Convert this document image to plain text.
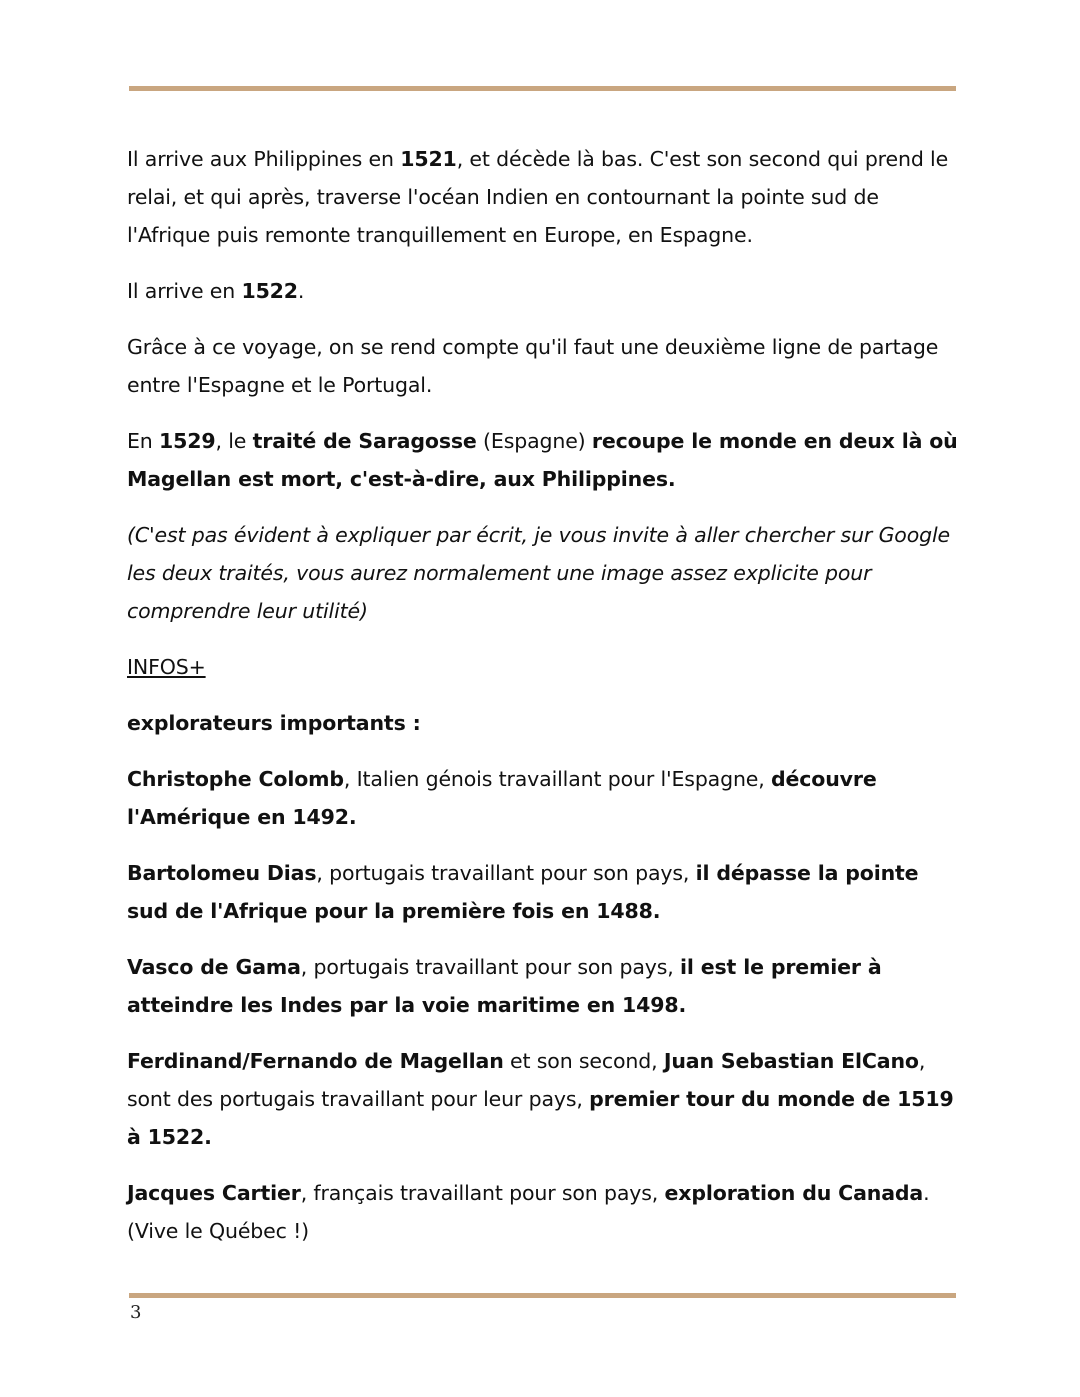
Il arrive aux Philippines en 1521, et décède là bas. C'est son second qui prend le relai, et qui après, traverse l'océan Indien en contournant la pointe sud de l'Afrique puis remonte tranquillement en Europe, en Espagne.

Il arrive en 1522.

Grâce à ce voyage, on se rend compte qu'il faut une deuxième ligne de partage entre l'Espagne et le Portugal.

En 1529, le traité de Saragosse (Espagne) recoupe le monde en deux là où Magellan est mort, c'est-à-dire, aux Philippines.

(C'est pas évident à expliquer par écrit, je vous invite à aller chercher sur Google les deux traités, vous aurez normalement une image assez explicite pour comprendre leur utilité)

INFOS+

explorateurs importants :

Christophe Colomb, Italien génois travaillant pour l'Espagne, découvre l'Amérique en 1492.

Bartolomeu Dias, portugais travaillant pour son pays, il dépasse la pointe sud de l'Afrique pour la première fois en 1488.

Vasco de Gama, portugais travaillant pour son pays, il est le premier à atteindre les Indes par la voie maritime en 1498.

Ferdinand/Fernando de Magellan et son second, Juan Sebastian ElCano, sont des portugais travaillant pour leur pays, premier tour du monde de 1519 à 1522.

Jacques Cartier, français travaillant pour son pays, exploration du Canada. (Vive le Québec !)

3
